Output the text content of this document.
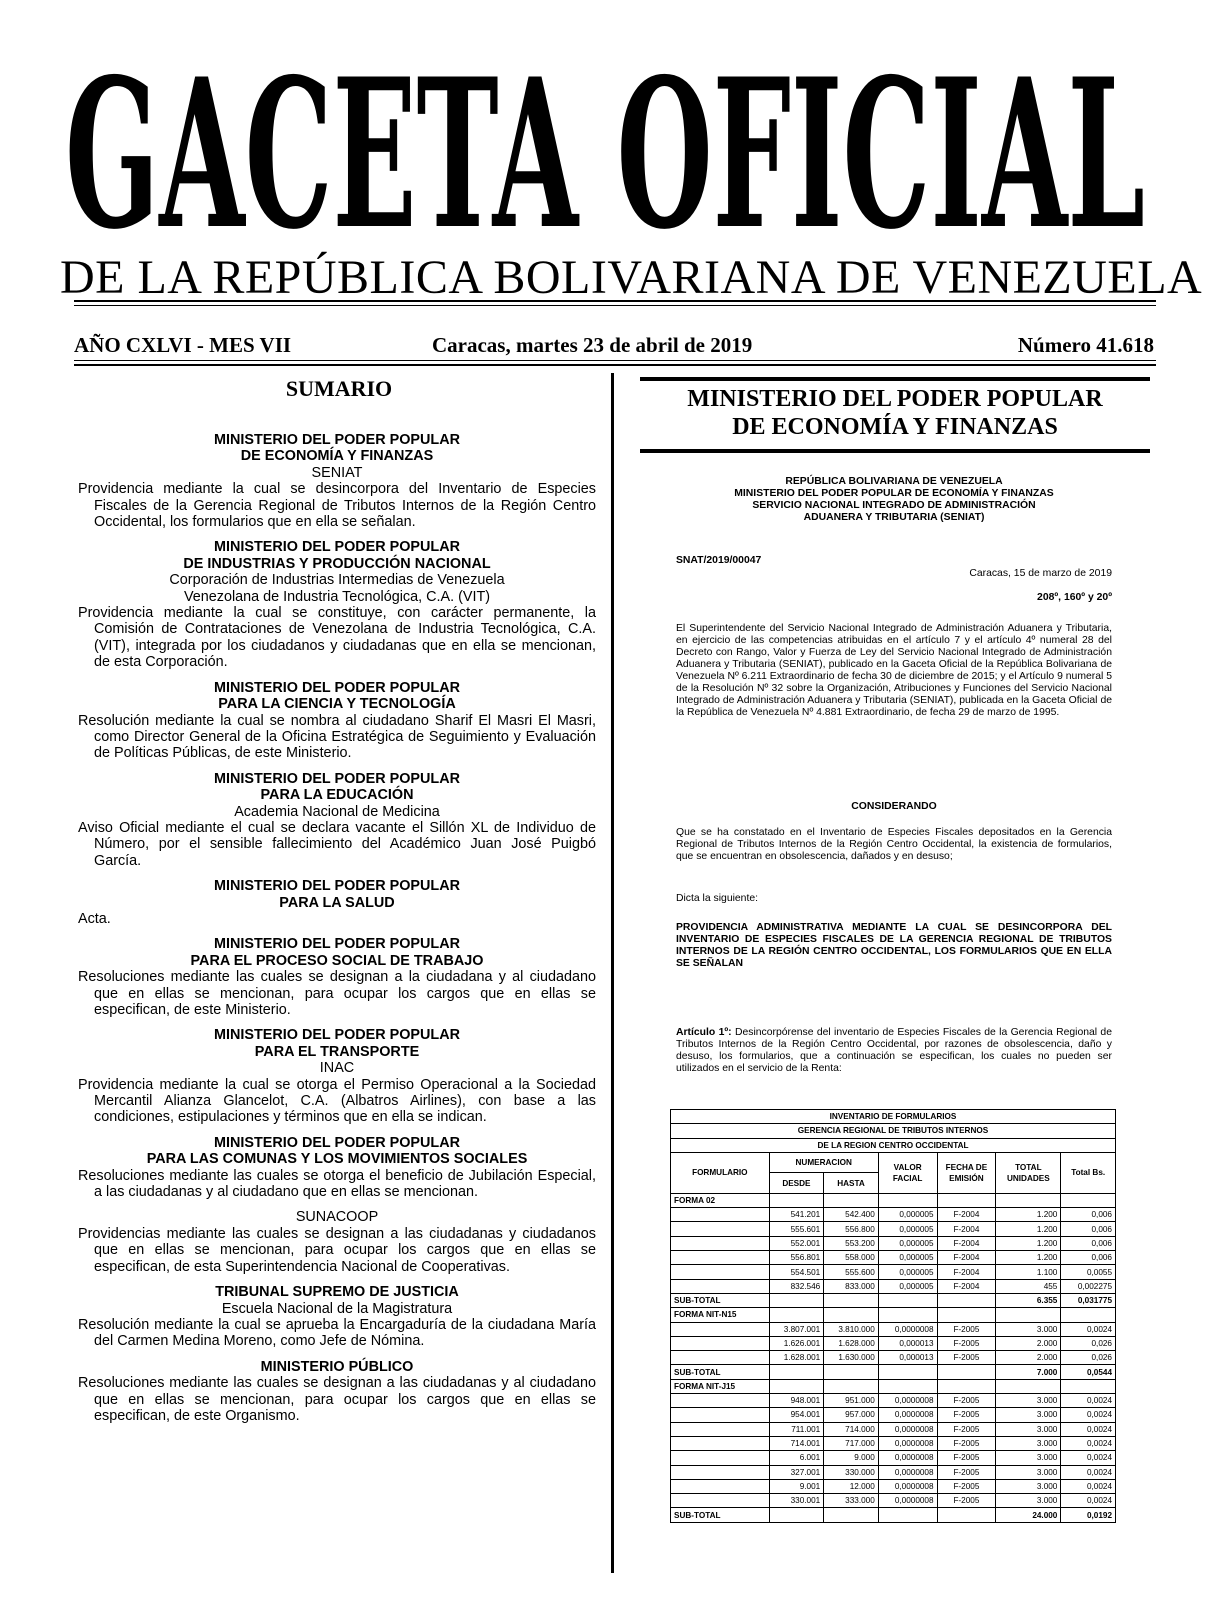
GACETA OFICIAL
DE LA REPÚBLICA BOLIVARIANA DE VENEZUELA
AÑO CXLVI - MES VII	Caracas, martes 23 de abril de 2019	Número 41.618
SUMARIO
MINISTERIO DEL PODER POPULAR
DE ECONOMÍA Y FINANZAS
SENIAT
Providencia mediante la cual se desincorpora del Inventario de Especies Fiscales de la Gerencia Regional de Tributos Internos de la Región Centro Occidental, los formularios que en ella se señalan.
MINISTERIO DEL PODER POPULAR
DE INDUSTRIAS Y PRODUCCIÓN NACIONAL
Corporación de Industrias Intermedias de Venezuela
Venezolana de Industria Tecnológica, C.A. (VIT)
Providencia mediante la cual se constituye, con carácter permanente, la Comisión de Contrataciones de Venezolana de Industria Tecnológica, C.A. (VIT), integrada por los ciudadanos y ciudadanas que en ella se mencionan, de esta Corporación.
MINISTERIO DEL PODER POPULAR
PARA LA CIENCIA Y TECNOLOGÍA
Resolución mediante la cual se nombra al ciudadano Sharif El Masri El Masri, como Director General de la Oficina Estratégica de Seguimiento y Evaluación de Políticas Públicas, de este Ministerio.
MINISTERIO DEL PODER POPULAR
PARA LA EDUCACIÓN
Academia Nacional de Medicina
Aviso Oficial mediante el cual se declara vacante el Sillón XL de Individuo de Número, por el sensible fallecimiento del Académico Juan José Puigbó García.
MINISTERIO DEL PODER POPULAR
PARA LA SALUD
Acta.
MINISTERIO DEL PODER POPULAR
PARA EL PROCESO SOCIAL DE TRABAJO
Resoluciones mediante las cuales se designan a la ciudadana y al ciudadano que en ellas se mencionan, para ocupar los cargos que en ellas se especifican, de este Ministerio.
MINISTERIO DEL PODER POPULAR
PARA EL TRANSPORTE
INAC
Providencia mediante la cual se otorga el Permiso Operacional a la Sociedad Mercantil Alianza Glancelot, C.A. (Albatros Airlines), con base a las condiciones, estipulaciones y términos que en ella se indican.
MINISTERIO DEL PODER POPULAR
PARA LAS COMUNAS Y LOS MOVIMIENTOS SOCIALES
Resoluciones mediante las cuales se otorga el beneficio de Jubilación Especial, a las ciudadanas y al ciudadano que en ellas se mencionan.
SUNACOOP
Providencias mediante las cuales se designan a las ciudadanas y ciudadanos que en ellas se mencionan, para ocupar los cargos que en ellas se especifican, de esta Superintendencia Nacional de Cooperativas.
TRIBUNAL SUPREMO DE JUSTICIA
Escuela Nacional de la Magistratura
Resolución mediante la cual se aprueba la Encargaduría de la ciudadana María del Carmen Medina Moreno, como Jefe de Nómina.
MINISTERIO PÚBLICO
Resoluciones mediante las cuales se designan a las ciudadanas y al ciudadano que en ellas se mencionan, para ocupar los cargos que en ellas se especifican, de este Organismo.
MINISTERIO DEL PODER POPULAR
DE ECONOMÍA Y FINANZAS
REPÚBLICA BOLIVARIANA DE VENEZUELA
MINISTERIO DEL PODER POPULAR DE ECONOMÍA Y FINANZAS
SERVICIO NACIONAL INTEGRADO DE ADMINISTRACIÓN
ADUANERA Y TRIBUTARIA (SENIAT)
SNAT/2019/00047
Caracas, 15 de marzo de 2019
208º, 160º y 20º
El Superintendente del Servicio Nacional Integrado de Administración Aduanera y Tributaria, en ejercicio de las competencias atribuidas en el artículo 7 y el artículo 4º numeral 28 del Decreto con Rango, Valor y Fuerza de Ley del Servicio Nacional Integrado de Administración Aduanera y Tributaria (SENIAT), publicado en la Gaceta Oficial de la República Bolivariana de Venezuela Nº 6.211 Extraordinario de fecha 30 de diciembre de 2015; y el Artículo 9 numeral 5 de la Resolución Nº 32 sobre la Organización, Atribuciones y Funciones del Servicio Nacional Integrado de Administración Aduanera y Tributaria (SENIAT), publicada en la Gaceta Oficial de la República de Venezuela Nº 4.881 Extraordinario, de fecha 29 de marzo de 1995.
CONSIDERANDO
Que se ha constatado en el Inventario de Especies Fiscales depositados en la Gerencia Regional de Tributos Internos de la Región Centro Occidental, la existencia de formularios, que se encuentran en obsolescencia, dañados y en desuso;
Dicta la siguiente:
PROVIDENCIA ADMINISTRATIVA MEDIANTE LA CUAL SE DESINCORPORA DEL INVENTARIO DE ESPECIES FISCALES DE LA GERENCIA REGIONAL DE TRIBUTOS INTERNOS DE LA REGIÓN CENTRO OCCIDENTAL, LOS FORMULARIOS QUE EN ELLA SE SEÑALAN
Artículo 1º: Desincorpórense del inventario de Especies Fiscales de la Gerencia Regional de Tributos Internos de la Región Centro Occidental, por razones de obsolescencia, daño y desuso, los formularios, que a continuación se especifican, los cuales no pueden ser utilizados en el servicio de la Renta:
INVENTARIO DE FORMULARIOS						
GERENCIA REGIONAL DE TRIBUTOS INTERNOS						
DE LA REGION CENTRO OCCIDENTAL						
FORMULARIO	NUMERACION		VALOR FACIAL	FECHA DE EMISIÓN	TOTAL UNIDADES	Total Bs.
	DESDE	HASTA				
FORMA 02						
	541.201	542.400	0,000005	F-2004	1.200	0,006
	555.601	556.800	0,000005	F-2004	1.200	0,006
	552.001	553.200	0,000005	F-2004	1.200	0,006
	556.801	558.000	0,000005	F-2004	1.200	0,006
	554.501	555.600	0,000005	F-2004	1.100	0,0055
	832.546	833.000	0,000005	F-2004	455	0,002275
SUB-TOTAL					6.355	0,031775
FORMA NIT-N15						
	3.807.001	3.810.000	0,0000008	F-2005	3.000	0,0024
	1.626.001	1.628.000	0,000013	F-2005	2.000	0,026
	1.628.001	1.630.000	0,000013	F-2005	2.000	0,026
SUB-TOTAL					7.000	0,0544
FORMA NIT-J15						
	948.001	951.000	0,0000008	F-2005	3.000	0,0024
	954.001	957.000	0,0000008	F-2005	3.000	0,0024
	711.001	714.000	0,0000008	F-2005	3.000	0,0024
	714.001	717.000	0,0000008	F-2005	3.000	0,0024
	6.001	9.000	0,0000008	F-2005	3.000	0,0024
	327.001	330.000	0,0000008	F-2005	3.000	0,0024
	9.001	12.000	0,0000008	F-2005	3.000	0,0024
	330.001	333.000	0,0000008	F-2005	3.000	0,0024
SUB-TOTAL					24.000	0,0192
